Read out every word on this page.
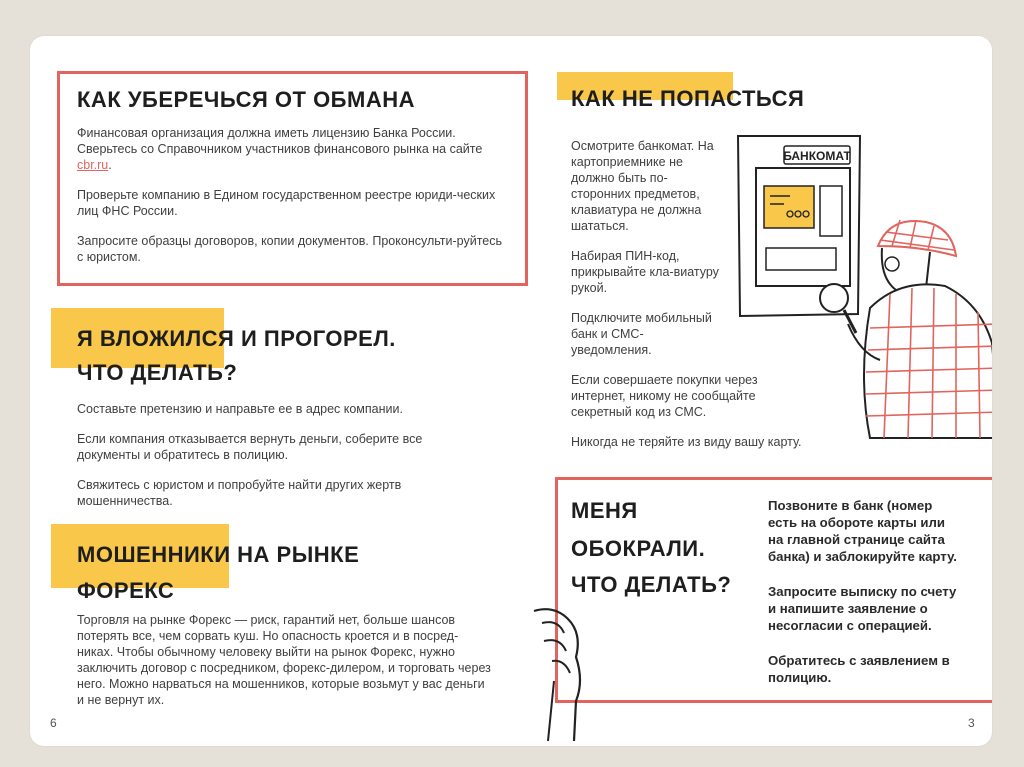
КАК УБЕРЕЧЬСЯ ОТ ОБМАНА

Финансовая организация должна иметь лицензию Банка России. Сверьтесь со Справочником участников финансового рынка на сайте cbr.ru.

Проверьте компанию в Едином государственном реестре юриди-ческих лиц ФНС России.

Запросите образцы договоров, копии документов. Проконсульти-руйтесь с юристом.

Я ВЛОЖИЛСЯ И ПРОГОРЕЛ.
ЧТО ДЕЛАТЬ?

Составьте претензию и направьте ее в адрес компании.

Если компания отказывается вернуть деньги, соберите все документы и обратитесь в полицию.

Свяжитесь с юристом и попробуйте найти других жертв мошенничества.

МОШЕННИКИ НА РЫНКЕ
ФОРЕКС

Торговля на рынке Форекс — риск, гарантий нет, больше шансов потерять все, чем сорвать куш. Но опасность кроется и в посред-никах. Чтобы обычному человеку выйти на рынок Форекс, нужно заключить договор с посредником, форекс-дилером, и торговать через него. Можно нарваться на мошенников, которые возьмут у вас деньги и не вернут их.

6
КАК НЕ ПОПАСТЬСЯ

Осмотрите банкомат. На картоприемнике не должно быть по-сторонних предметов, клавиатура не должна шататься.

Набирая ПИН-код, прикрывайте кла-виатуру рукой.

Подключите мобильный банк и СМС-уведомления.

Если совершаете покупки через интернет, никому не сообщайте секретный код из СМС.

Никогда не теряйте из виду вашу карту.

БАНКОМАТ
МЕНЯ
ОБОКРАЛИ.
ЧТО ДЕЛАТЬ?

Позвоните в банк (номер есть на обороте карты или на главной странице сайта банка) и заблокируйте карту.

Запросите выписку по счету и напишите заявление о несогласии с операцией.

Обратитесь с заявлением в полицию.

3
